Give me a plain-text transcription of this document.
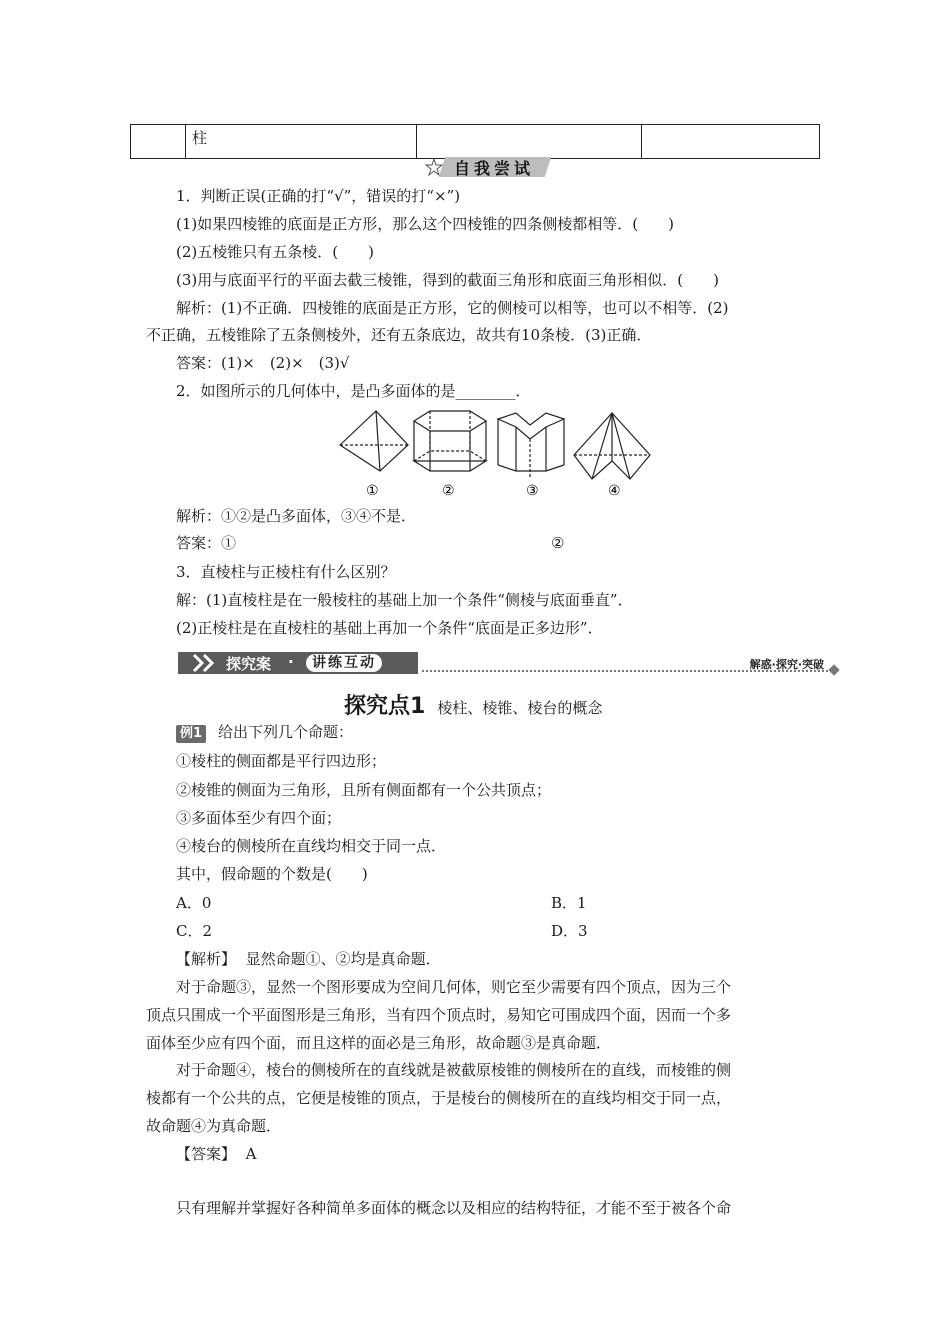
	柱		
自我尝试
1．判断正误(正确的打“√”，错误的打“×”)
(1)如果四棱锥的底面是正方形，那么这个四棱锥的四条侧棱都相等．(　　)
(2)五棱锥只有五条棱．(　　)
(3)用与底面平行的平面去截三棱锥，得到的截面三角形和底面三角形相似．(　　)
解析：(1)不正确．四棱锥的底面是正方形，它的侧棱可以相等，也可以不相等．(2)
不正确，五棱锥除了五条侧棱外，还有五条底边，故共有10条棱．(3)正确．
答案：(1)×　(2)×　(3)√
2．如图所示的几何体中，是凸多面体的是________．
①	②	③	④
解析：①②是凸多面体，③④不是．
答案：①	②
3．直棱柱与正棱柱有什么区别？
解：(1)直棱柱是在一般棱柱的基础上加一个条件“侧棱与底面垂直”．
(2)正棱柱是在直棱柱的基础上再加一个条件“底面是正多边形”．
探究案 ·	讲练互动	解惑·探究·突破
探究点1 棱柱、棱锥、棱台的概念
例1 给出下列几个命题：
①棱柱的侧面都是平行四边形；
②棱锥的侧面为三角形，且所有侧面都有一个公共顶点；
③多面体至少有四个面；
④棱台的侧棱所在直线均相交于同一点．
其中，假命题的个数是(　　)
A．0	B．1
C．2	D．3
【解析】 显然命题①、②均是真命题．
对于命题③，显然一个图形要成为空间几何体，则它至少需要有四个顶点，因为三个
顶点只围成一个平面图形是三角形，当有四个顶点时，易知它可围成四个面，因而一个多
面体至少应有四个面，而且这样的面必是三角形，故命题③是真命题．
对于命题④，棱台的侧棱所在的直线就是被截原棱锥的侧棱所在的直线，而棱锥的侧
棱都有一个公共的点，它便是棱锥的顶点，于是棱台的侧棱所在的直线均相交于同一点，
故命题④为真命题．
【答案】 A
只有理解并掌握好各种简单多面体的概念以及相应的结构特征，才能不至于被各个命
